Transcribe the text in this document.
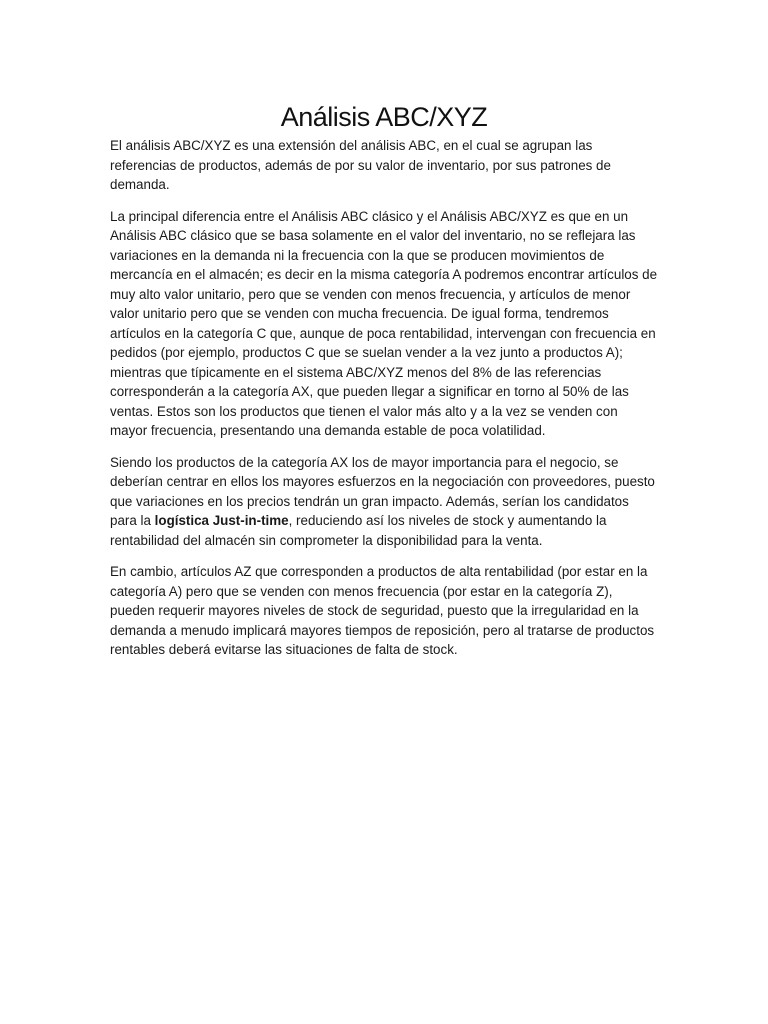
Análisis ABC/XYZ

El análisis ABC/XYZ es una extensión del análisis ABC, en el cual se agrupan las referencias de productos, además de por su valor de inventario, por sus patrones de demanda.

La principal diferencia entre el Análisis ABC clásico y el Análisis ABC/XYZ es que en un Análisis ABC clásico que se basa solamente en el valor del inventario, no se reflejara las variaciones en la demanda ni la frecuencia con la que se producen movimientos de mercancía en el almacén; es decir en la misma categoría A podremos encontrar artículos de muy alto valor unitario, pero que se venden con menos frecuencia, y artículos de menor valor unitario pero que se venden con mucha frecuencia. De igual forma, tendremos artículos en la categoría C que, aunque de poca rentabilidad, intervengan con frecuencia en pedidos (por ejemplo, productos C que se suelan vender a la vez junto a productos A); mientras que típicamente en el sistema ABC/XYZ menos del 8% de las referencias corresponderán a la categoría AX, que pueden llegar a significar en torno al 50% de las ventas. Estos son los productos que tienen el valor más alto y a la vez se venden con mayor frecuencia, presentando una demanda estable de poca volatilidad.

Siendo los productos de la categoría AX los de mayor importancia para el negocio, se deberían centrar en ellos los mayores esfuerzos en la negociación con proveedores, puesto que variaciones en los precios tendrán un gran impacto. Además, serían los candidatos para la logística Just-in-time, reduciendo así los niveles de stock y aumentando la rentabilidad del almacén sin comprometer la disponibilidad para la venta.

En cambio, artículos AZ que corresponden a productos de alta rentabilidad (por estar en la categoría A) pero que se venden con menos frecuencia (por estar en la categoría Z), pueden requerir mayores niveles de stock de seguridad, puesto que la irregularidad en la demanda a menudo implicará mayores tiempos de reposición, pero al tratarse de productos rentables deberá evitarse las situaciones de falta de stock.
